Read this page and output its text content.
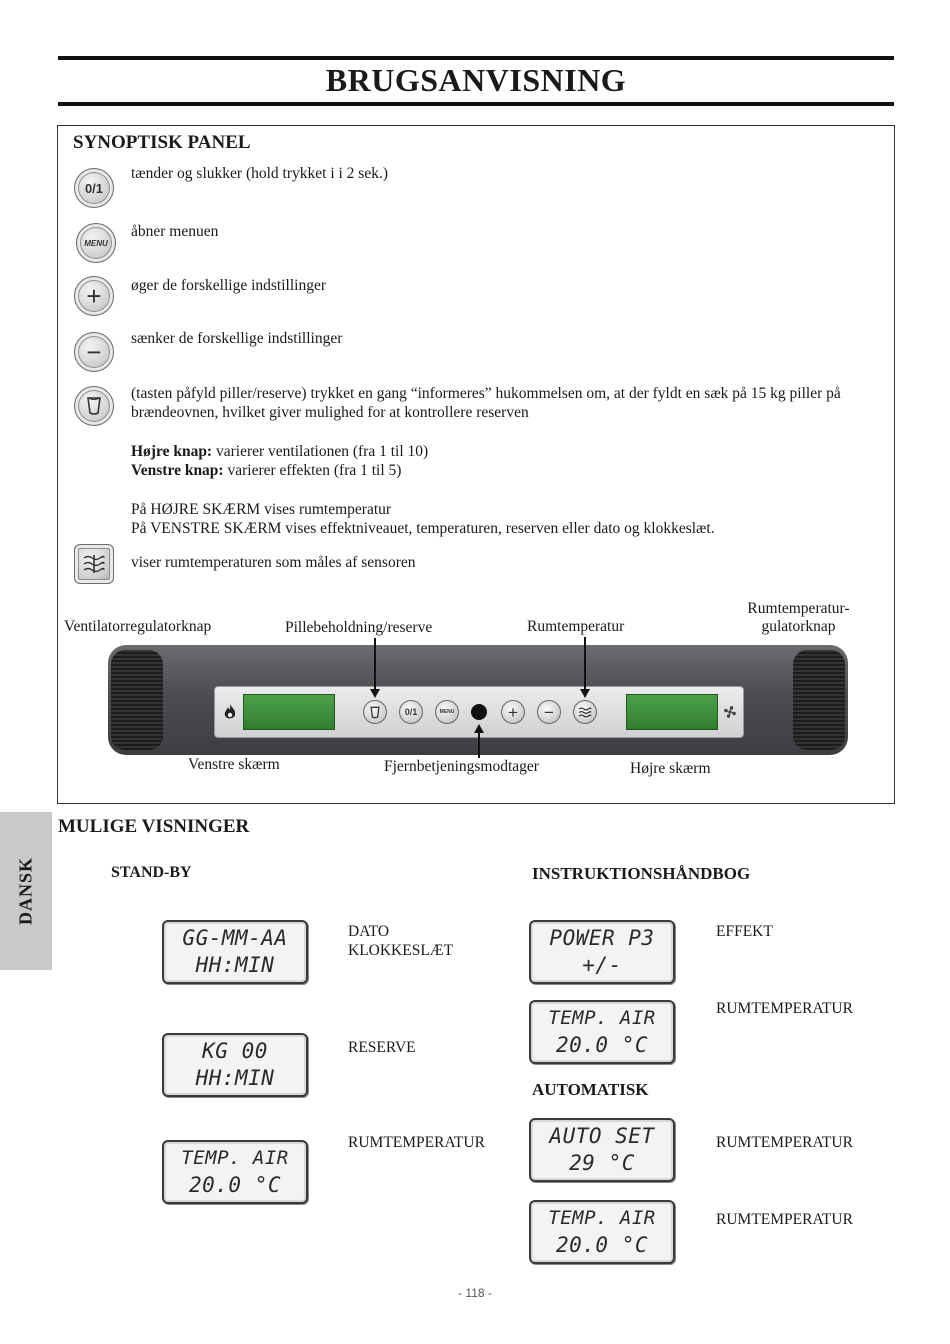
BRUGSANVISNING
SYNOPTISK PANEL
0/1
tænder og slukker (hold trykket i i 2 sek.)
MENU
åbner menuen
+ øger de forskellige indstillinger
− sænker de forskellige indstillinger
(tasten påfyld piller/reserve) trykket en gang “informeres” hukommelsen om, at der fyldt en sæk på 15 kg piller på brændeovnen, hvilket giver mulighed for at kontrollere reserven
Højre knap: varierer ventilationen (fra 1 til 10)
Venstre knap: varierer effekten (fra 1 til 5)
På HØJRE SKÆRM vises rumtemperatur
På VENSTRE SKÆRM vises effektniveauet, temperaturen, reserven eller dato og klokkeslæt.
viser rumtemperaturen som måles af sensoren
Ventilatorregulatorknap	Pillebeholdning/reserve	Rumtemperatur
Rumtemperatur-
gulatorknap
0/1	MENU	+ −
Venstre skærm	Fjernbetjeningsmodtager	Højre skærm
DANSK
MULIGE VISNINGER
STAND-BY	INSTRUKTIONSHÅNDBOG
GG-MM-AA
HH:MIN
DATO
KLOKKESLÆT
KG 00
HH:MIN
RESERVE
TEMP. AIR
20.0 °C
RUMTEMPERATUR
POWER P3
+/-
EFFEKT
TEMP. AIR
20.0 °C
RUMTEMPERATUR
AUTOMATISK
AUTO SET
29 °C
RUMTEMPERATUR
TEMP. AIR
20.0 °C
RUMTEMPERATUR
- 118 -
